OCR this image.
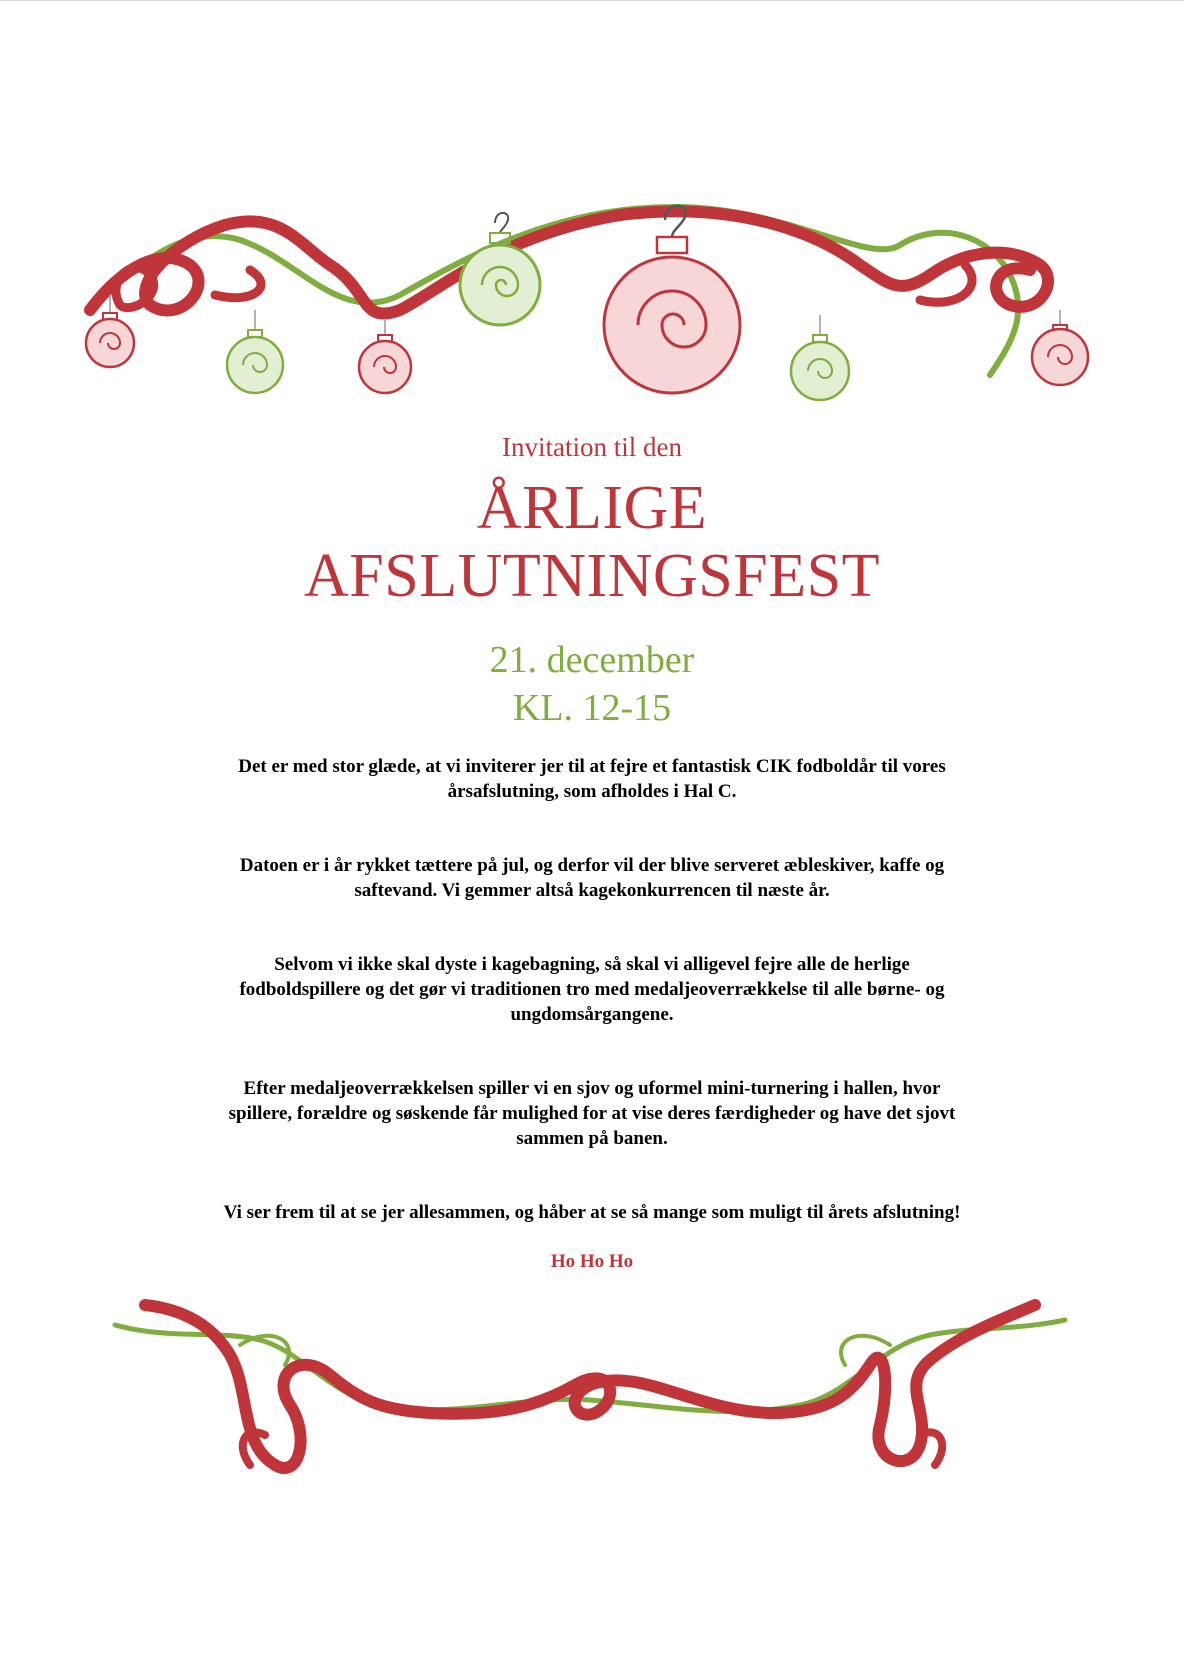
Invitation til den

ÅRLIGE
AFSLUTNINGSFEST

21. december

KL. 12-15

Det er med stor glæde, at vi inviterer jer til at fejre et fantastisk CIK fodboldår til vores årsafslutning, som afholdes i Hal C.

Datoen er i år rykket tættere på jul, og derfor vil der blive serveret æbleskiver, kaffe og saftevand. Vi gemmer altså kagekonkurrencen til næste år.

Selvom vi ikke skal dyste i kagebagning, så skal vi alligevel fejre alle de herlige fodboldspillere og det gør vi traditionen tro med medaljeoverrækkelse til alle børne- og ungdomsårgangene.

Efter medaljeoverrækkelsen spiller vi en sjov og uformel mini-turnering i hallen, hvor spillere, forældre og søskende får mulighed for at vise deres færdigheder og have det sjovt sammen på banen.

Vi ser frem til at se jer allesammen, og håber at se så mange som muligt til årets afslutning!

Ho Ho Ho
